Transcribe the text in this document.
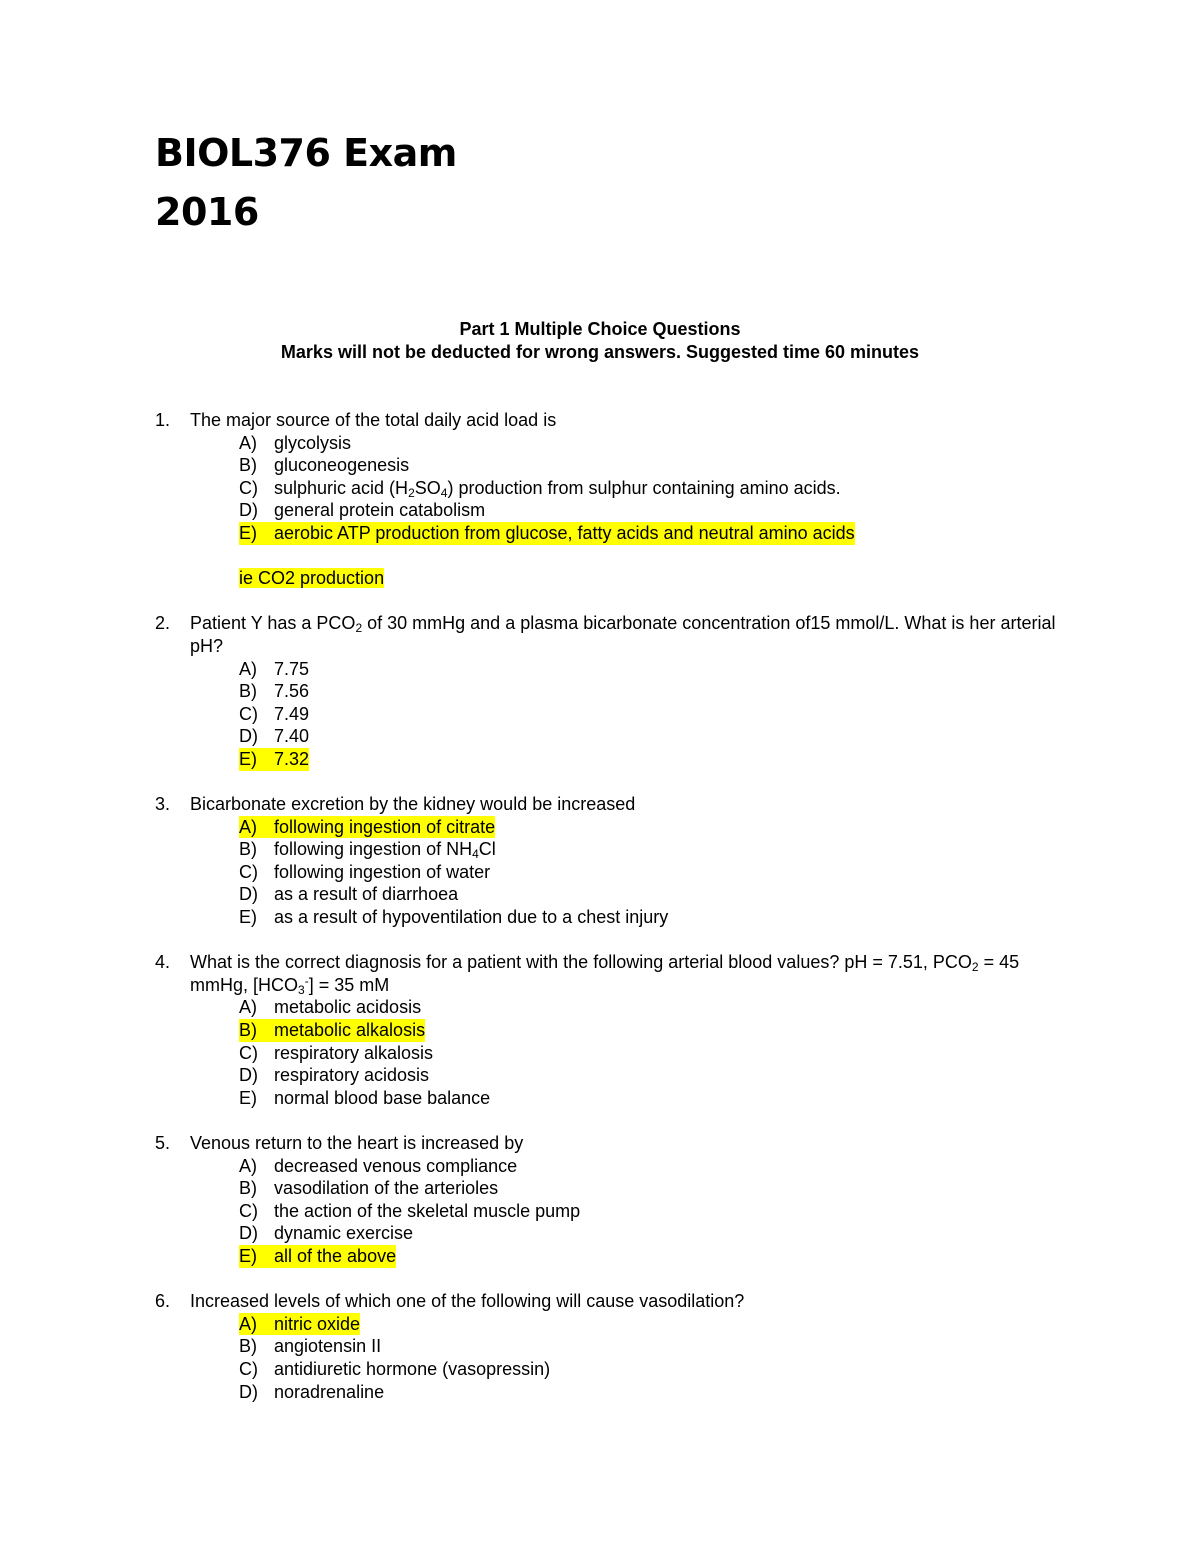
BIOL376 Exam
2016
Part 1 Multiple Choice Questions
Marks will not be deducted for wrong answers. Suggested time 60 minutes
1.	The major source of the total daily acid load is
A) glycolysis
B) gluconeogenesis
C) sulphuric acid $(H_2SO_4)$ production from sulphur containing amino acids.
D) general protein catabolism
E) aerobic ATP production from glucose, fatty acids and neutral amino acids
ie CO2 production
2.	Patient Y has a $PCO_2$ of 30 mmHg and a plasma bicarbonate concentration of15 mmol/L. What is her arterial pH?
A) 7.75
B) 7.56
C) 7.49
D) 7.40
E) 7.32
3.	Bicarbonate excretion by the kidney would be increased
A) following ingestion of citrate
B) following ingestion of $NH_4Cl$
C) following ingestion of water
D) as a result of diarrhoea
E) as a result of hypoventilation due to a chest injury
4.	What is the correct diagnosis for a patient with the following arterial blood values? pH = 7.51, $PCO_2 = 45$ mmHg, $[HCO_3^-] = 35$ mM
A) metabolic acidosis
B) metabolic alkalosis
C) respiratory alkalosis
D) respiratory acidosis
E) normal blood base balance
5.	Venous return to the heart is increased by
A) decreased venous compliance
B) vasodilation of the arterioles
C) the action of the skeletal muscle pump
D) dynamic exercise
E) all of the above
6.	Increased levels of which one of the following will cause vasodilation?
A) nitric oxide
B) angiotensin II
C) antidiuretic hormone (vasopressin)
D) noradrenaline
